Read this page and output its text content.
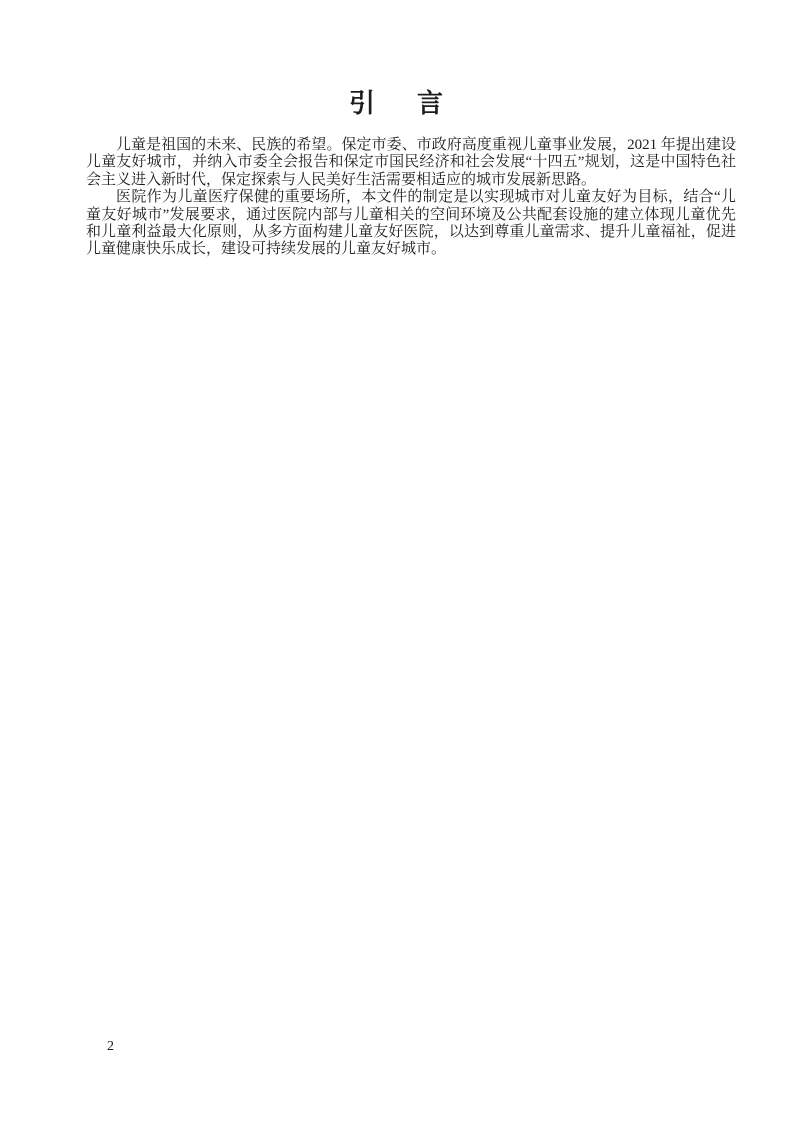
引　言

儿童是祖国的未来、民族的希望。保定市委、市政府高度重视儿童事业发展，2021 年提出建设儿童友好城市，并纳入市委全会报告和保定市国民经济和社会发展“十四五”规划，这是中国特色社会主义进入新时代，保定探索与人民美好生活需要相适应的城市发展新思路。

医院作为儿童医疗保健的重要场所，本文件的制定是以实现城市对儿童友好为目标，结合“儿童友好城市”发展要求，通过医院内部与儿童相关的空间环境及公共配套设施的建立体现儿童优先和儿童利益最大化原则，从多方面构建儿童友好医院，以达到尊重儿童需求、提升儿童福祉，促进儿童健康快乐成长，建设可持续发展的儿童友好城市。

2
